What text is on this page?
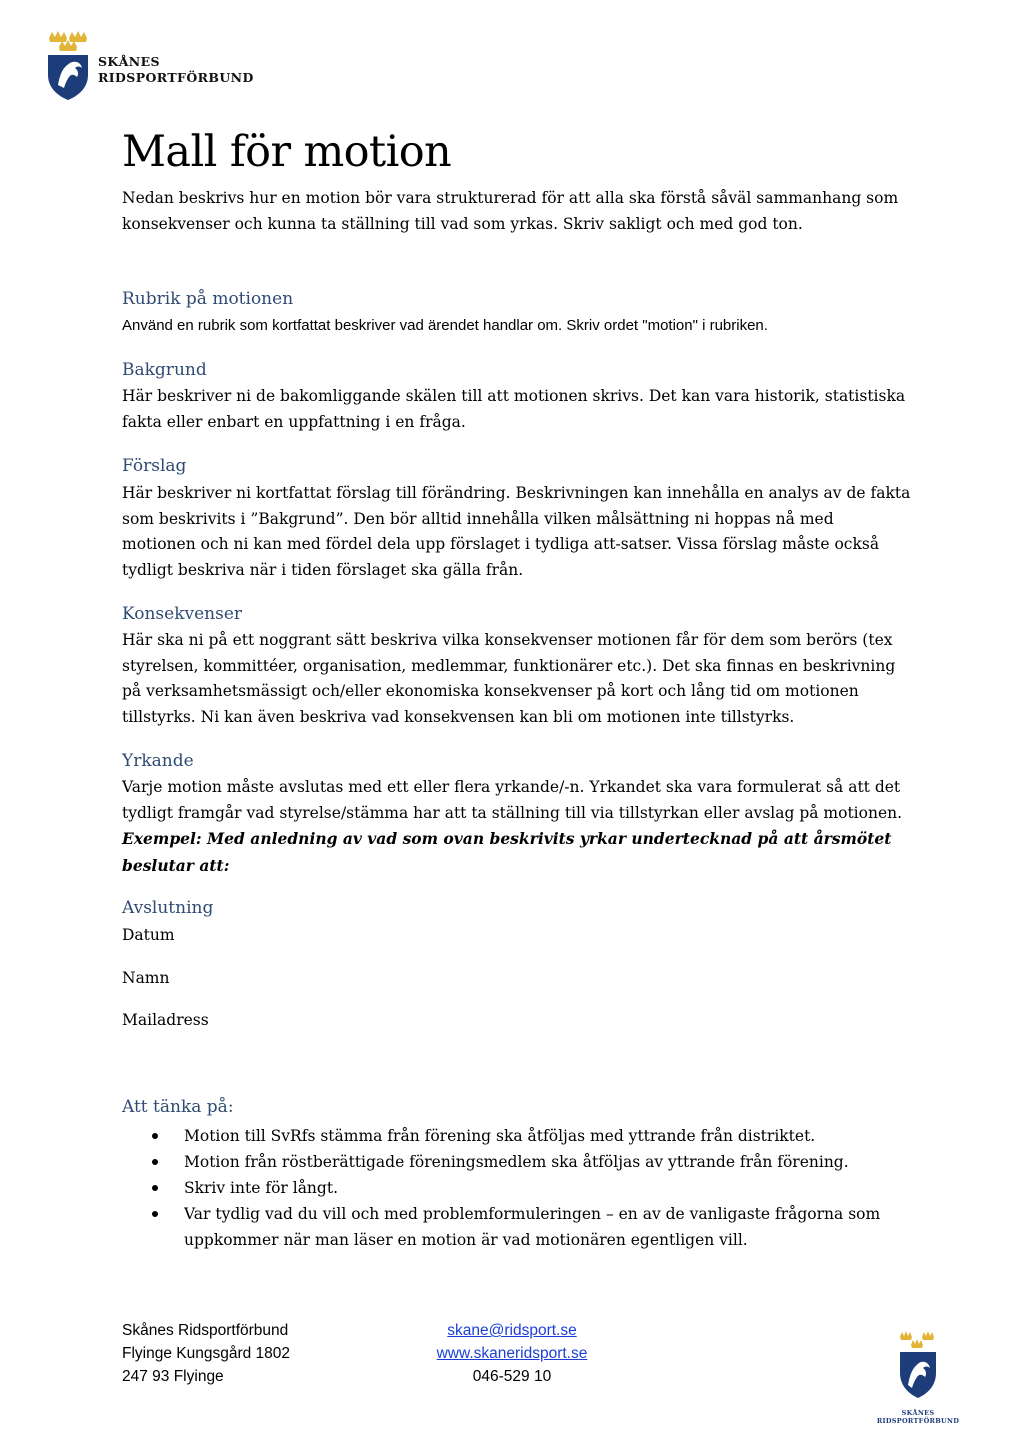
SKÅNES
RIDSPORTFÖRBUND
Mall för motion

Nedan beskrivs hur en motion bör vara strukturerad för att alla ska förstå såväl sammanhang som konsekvenser och kunna ta ställning till vad som yrkas. Skriv sakligt och med god ton.

Rubrik på motionen

Använd en rubrik som kortfattat beskriver vad ärendet handlar om. Skriv ordet "motion" i rubriken.

Bakgrund

Här beskriver ni de bakomliggande skälen till att motionen skrivs. Det kan vara historik, statistiska fakta eller enbart en uppfattning i en fråga.

Förslag

Här beskriver ni kortfattat förslag till förändring. Beskrivningen kan innehålla en analys av de fakta som beskrivits i ”Bakgrund”. Den bör alltid innehålla vilken målsättning ni hoppas nå med motionen och ni kan med fördel dela upp förslaget i tydliga att-satser. Vissa förslag måste också tydligt beskriva när i tiden förslaget ska gälla från.

Konsekvenser

Här ska ni på ett noggrant sätt beskriva vilka konsekvenser motionen får för dem som berörs (tex styrelsen, kommittéer, organisation, medlemmar, funktionärer etc.). Det ska finnas en beskrivning på verksamhetsmässigt och/eller ekonomiska konsekvenser på kort och lång tid om motionen tillstyrks. Ni kan även beskriva vad konsekvensen kan bli om motionen inte tillstyrks.

Yrkande

Varje motion måste avslutas med ett eller flera yrkande/-n. Yrkandet ska vara formulerat så att det tydligt framgår vad styrelse/stämma har att ta ställning till via tillstyrkan eller avslag på motionen. Exempel: Med anledning av vad som ovan beskrivits yrkar undertecknad på att årsmötet beslutar att:

Avslutning

Datum

Namn

Mailadress

Att tänka på:
Motion till SvRfs stämma från förening ska åtföljas med yttrande från distriktet.
Motion från röstberättigade föreningsmedlem ska åtföljas av yttrande från förening.
Skriv inte för långt.
Var tydlig vad du vill och med problemformuleringen – en av de vanligaste frågorna som uppkommer när man läser en motion är vad motionären egentligen vill.
Skånes Ridsportförbund
Flyinge Kungsgård 1802
247 93 Flyinge
skane@ridsport.se
www.skaneridsport.se
046-529 10
SKÅNES
RIDSPORTFÖRBUND
